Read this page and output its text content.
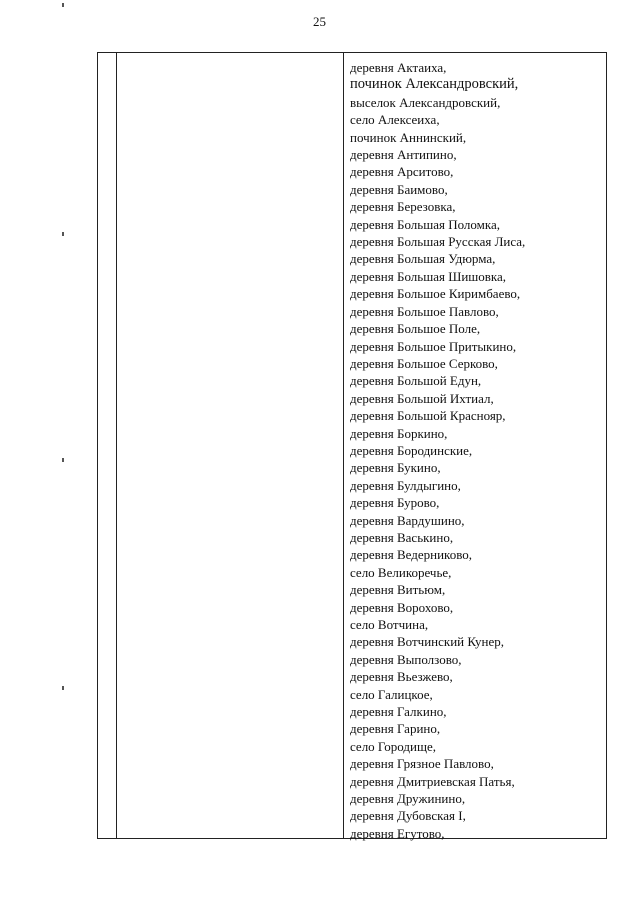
25
деревня Актаиха,
починок Александровский,
выселок Александровский,
село Алексеиха,
починок Аннинский,
деревня Антипино,
деревня Арситово,
деревня Баимово,
деревня Березовка,
деревня Большая Поломка,
деревня Большая Русская Лиса,
деревня Большая Удюрма,
деревня Большая Шишовка,
деревня Большое Киримбаево,
деревня Большое Павлово,
деревня Большое Поле,
деревня Большое Притыкино,
деревня Большое Серково,
деревня Большой Едун,
деревня Большой Ихтиал,
деревня Большой Краснояр,
деревня Боркино,
деревня Бородинские,
деревня Букино,
деревня Булдыгино,
деревня Бурово,
деревня Вардушино,
деревня Васькино,
деревня Ведерниково,
село Великоречье,
деревня Витьюм,
деревня Ворохово,
село Вотчина,
деревня Вотчинский Кунер,
деревня Выползово,
деревня Вьезжево,
село Галицкое,
деревня Галкино,
деревня Гарино,
село Городище,
деревня Грязное Павлово,
деревня Дмитриевская Патья,
деревня Дружинино,
деревня Дубовская I,
деревня Егутово,
